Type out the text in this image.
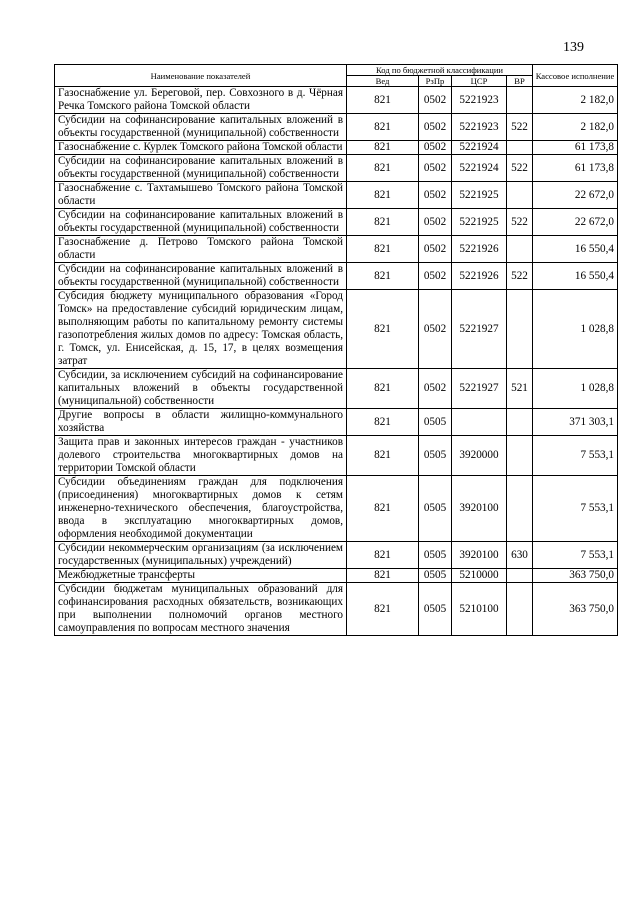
139
Наименование показателей	Код по бюджетной классификации				Кассовое исполнение
	Вед	РзПр	ЦСР	ВР	
Газоснабжение ул. Береговой, пер. Совхозного в д. Чёрная Речка Томского района Томской области	821	0502	5221923		2 182,0
Субсидии на софинансирование капитальных вложений в объекты государственной (муниципальной) собственности	821	0502	5221923	522	2 182,0
Газоснабжение с. Курлек Томского района Томской области	821	0502	5221924		61 173,8
Субсидии на софинансирование капитальных вложений в объекты государственной (муниципальной) собственности	821	0502	5221924	522	61 173,8
Газоснабжение с. Тахтамышево Томского района Томской области	821	0502	5221925		22 672,0
Субсидии на софинансирование капитальных вложений в объекты государственной (муниципальной) собственности	821	0502	5221925	522	22 672,0
Газоснабжение д. Петрово Томского района Томской области	821	0502	5221926		16 550,4
Субсидии на софинансирование капитальных вложений в объекты государственной (муниципальной) собственности	821	0502	5221926	522	16 550,4
Субсидия бюджету муниципального образования «Город Томск» на предоставление субсидий юридическим лицам, выполняющим работы по капитальному ремонту системы газопотребления жилых домов по адресу: Томская область, г. Томск, ул. Енисейская, д. 15, 17, в целях возмещения затрат	821	0502	5221927		1 028,8
Субсидии, за исключением субсидий на софинансирование капитальных вложений в объекты государственной (муниципальной) собственности	821	0502	5221927	521	1 028,8
Другие вопросы в области жилищно-коммунального хозяйства	821	0505			371 303,1
Защита прав и законных интересов граждан - участников долевого строительства многоквартирных домов на территории Томской области	821	0505	3920000		7 553,1
Субсидии объединениям граждан для подключения (присоединения) многоквартирных домов к сетям инженерно-технического обеспечения, благоустройства, ввода в эксплуатацию многоквартирных домов, оформления необходимой документации	821	0505	3920100		7 553,1
Субсидии некоммерческим организациям (за исключением государственных (муниципальных) учреждений)	821	0505	3920100	630	7 553,1
Межбюджетные трансферты	821	0505	5210000		363 750,0
Субсидии бюджетам муниципальных образований для софинансирования расходных обязательств, возникающих при выполнении полномочий органов местного самоуправления по вопросам местного значения	821	0505	5210100		363 750,0
